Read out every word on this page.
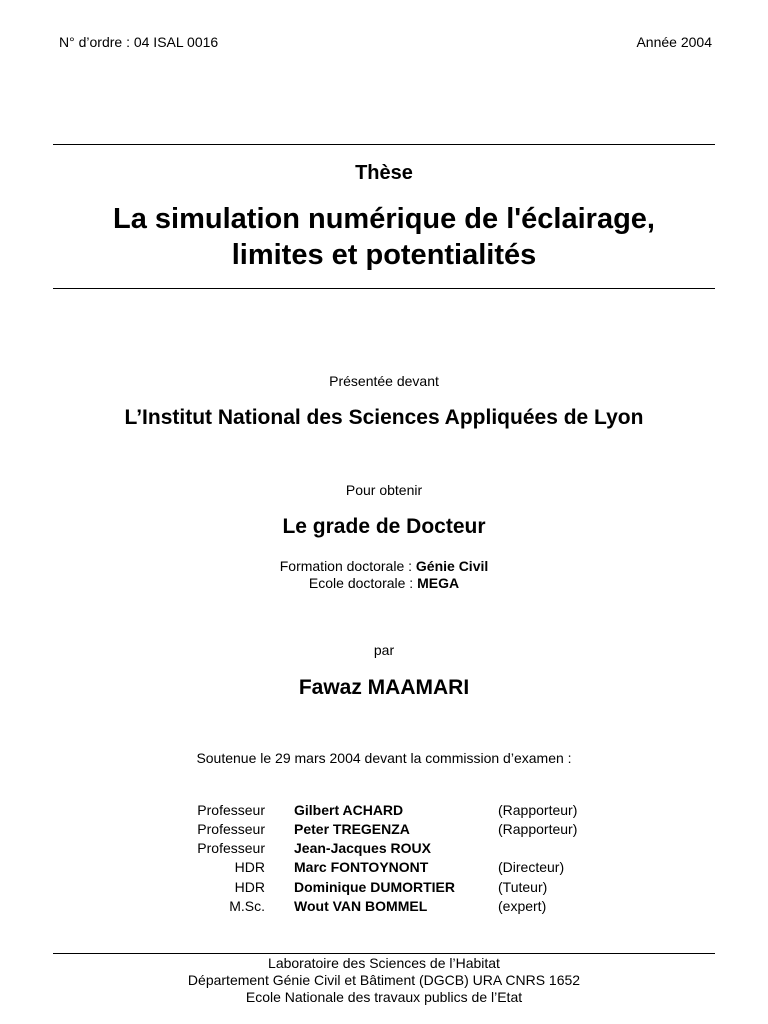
N° d’ordre : 04 ISAL 0016	Année 2004
Thèse
La simulation numérique de l'éclairage,
limites et potentialités
Présentée devant
L’Institut National des Sciences Appliquées de Lyon
Pour obtenir
Le grade de Docteur
Formation doctorale : Génie Civil
Ecole doctorale : MEGA
par
Fawaz MAAMARI
Soutenue le 29 mars 2004 devant la commission d’examen :
Professeur Gilbert ACHARD	(Rapporteur)
Professeur Peter TREGENZA	(Rapporteur)
Professeur Jean-Jacques ROUX
HDR Marc FONTOYNONT	(Directeur)
HDR Dominique DUMORTIER	(Tuteur)
M.Sc. Wout VAN BOMMEL	(expert)
Laboratoire des Sciences de l’Habitat
Département Génie Civil et Bâtiment (DGCB) URA CNRS 1652
Ecole Nationale des travaux publics de l’Etat
